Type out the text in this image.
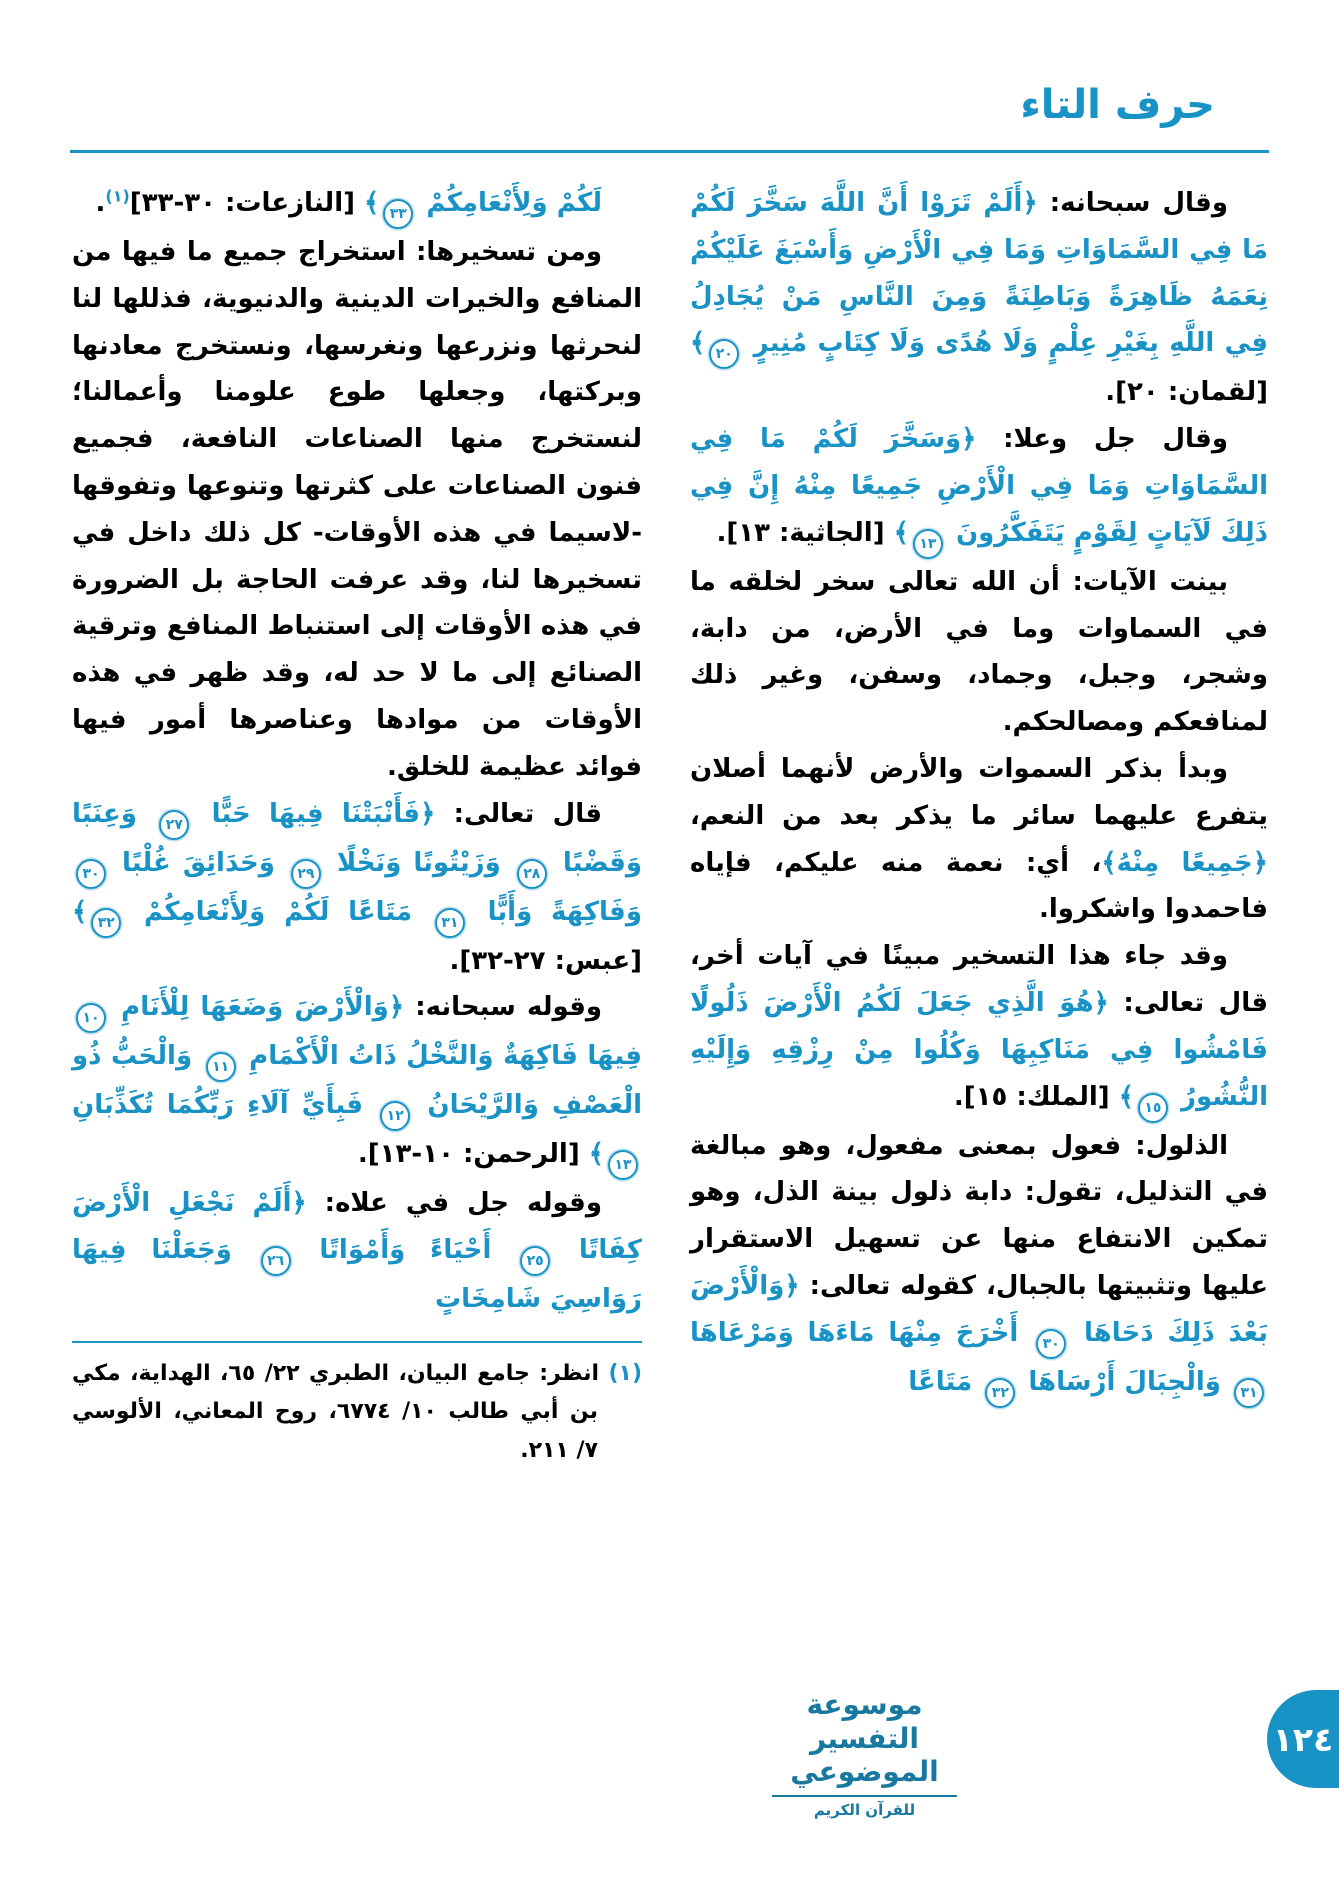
حرف التاء

وقال سبحانه: ﴿أَلَمْ تَرَوْا أَنَّ اللَّهَ سَخَّرَ لَكُمْ مَا فِي السَّمَاوَاتِ وَمَا فِي الْأَرْضِ وَأَسْبَغَ عَلَيْكُمْ نِعَمَهُ ظَاهِرَةً وَبَاطِنَةً وَمِنَ النَّاسِ مَنْ يُجَادِلُ فِي اللَّهِ بِغَيْرِ عِلْمٍ وَلَا هُدًى وَلَا كِتَابٍ مُنِيرٍ ٢٠﴾ [لقمان: ٢٠].

وقال جل وعلا: ﴿وَسَخَّرَ لَكُمْ مَا فِي السَّمَاوَاتِ وَمَا فِي الْأَرْضِ جَمِيعًا مِنْهُ إِنَّ فِي ذَلِكَ لَآيَاتٍ لِقَوْمٍ يَتَفَكَّرُونَ ١٣﴾ [الجاثية: ١٣].

بينت الآيات: أن الله تعالى سخر لخلقه ما في السماوات وما في الأرض، من دابة، وشجر، وجبل، وجماد، وسفن، وغير ذلك لمنافعكم ومصالحكم.

وبدأ بذكر السموات والأرض لأنهما أصلان يتفرع عليهما سائر ما يذكر بعد من النعم، ﴿جَمِيعًا مِنْهُ﴾، أي: نعمة منه عليكم، فإياه فاحمدوا واشكروا.

وقد جاء هذا التسخير مبينًا في آيات أخر، قال تعالى: ﴿هُوَ الَّذِي جَعَلَ لَكُمُ الْأَرْضَ ذَلُولًا فَامْشُوا فِي مَنَاكِبِهَا وَكُلُوا مِنْ رِزْقِهِ وَإِلَيْهِ النُّشُورُ ١٥﴾ [الملك: ١٥].

الذلول: فعول بمعنى مفعول، وهو مبالغة في التذليل، تقول: دابة ذلول بينة الذل، وهو تمكين الانتفاع منها عن تسهيل الاستقرار عليها وتثبيتها بالجبال، كقوله تعالى: ﴿وَالْأَرْضَ بَعْدَ ذَلِكَ دَحَاهَا ٣٠ أَخْرَجَ مِنْهَا مَاءَهَا وَمَرْعَاهَا ٣١ وَالْجِبَالَ أَرْسَاهَا ٣٢ مَتَاعًا

لَكُمْ وَلِأَنْعَامِكُمْ ٣٣﴾ [النازعات: ٣٠-٣٣]$^{(١)}$.

ومن تسخيرها: استخراج جميع ما فيها من المنافع والخيرات الدينية والدنيوية، فذللها لنا لنحرثها ونزرعها ونغرسها، ونستخرج معادنها وبركتها، وجعلها طوع علومنا وأعمالنا؛ لنستخرج منها الصناعات النافعة، فجميع فنون الصناعات على كثرتها وتنوعها وتفوقها -لاسيما في هذه الأوقات- كل ذلك داخل في تسخيرها لنا، وقد عرفت الحاجة بل الضرورة في هذه الأوقات إلى استنباط المنافع وترقية الصنائع إلى ما لا حد له، وقد ظهر في هذه الأوقات من موادها وعناصرها أمور فيها فوائد عظيمة للخلق.

قال تعالى: ﴿فَأَنْبَتْنَا فِيهَا حَبًّا ٢٧ وَعِنَبًا وَقَضْبًا ٢٨ وَزَيْتُونًا وَنَخْلًا ٢٩ وَحَدَائِقَ غُلْبًا ٣٠ وَفَاكِهَةً وَأَبًّا ٣١ مَتَاعًا لَكُمْ وَلِأَنْعَامِكُمْ ٣٢﴾ [عبس: ٢٧-٣٢].

وقوله سبحانه: ﴿وَالْأَرْضَ وَضَعَهَا لِلْأَنَامِ ١٠ فِيهَا فَاكِهَةٌ وَالنَّخْلُ ذَاتُ الْأَكْمَامِ ١١ وَالْحَبُّ ذُو الْعَصْفِ وَالرَّيْحَانُ ١٢ فَبِأَيِّ آلَاءِ رَبِّكُمَا تُكَذِّبَانِ ١٣﴾ [الرحمن: ١٠-١٣].

وقوله جل في علاه: ﴿أَلَمْ نَجْعَلِ الْأَرْضَ كِفَاتًا ٢٥ أَحْيَاءً وَأَمْوَاتًا ٢٦ وَجَعَلْنَا فِيهَا رَوَاسِيَ شَامِخَاتٍ

(١) انظر: جامع البيان، الطبري ٢٢/ ٦٥، الهداية، مكي بن أبي طالب ١٠/ ٦٧٧٤، روح المعاني، الألوسي ٧/ ٢١١.

موسوعة التفسير الموضوعي
للقرآن الكريم
١٢٤
